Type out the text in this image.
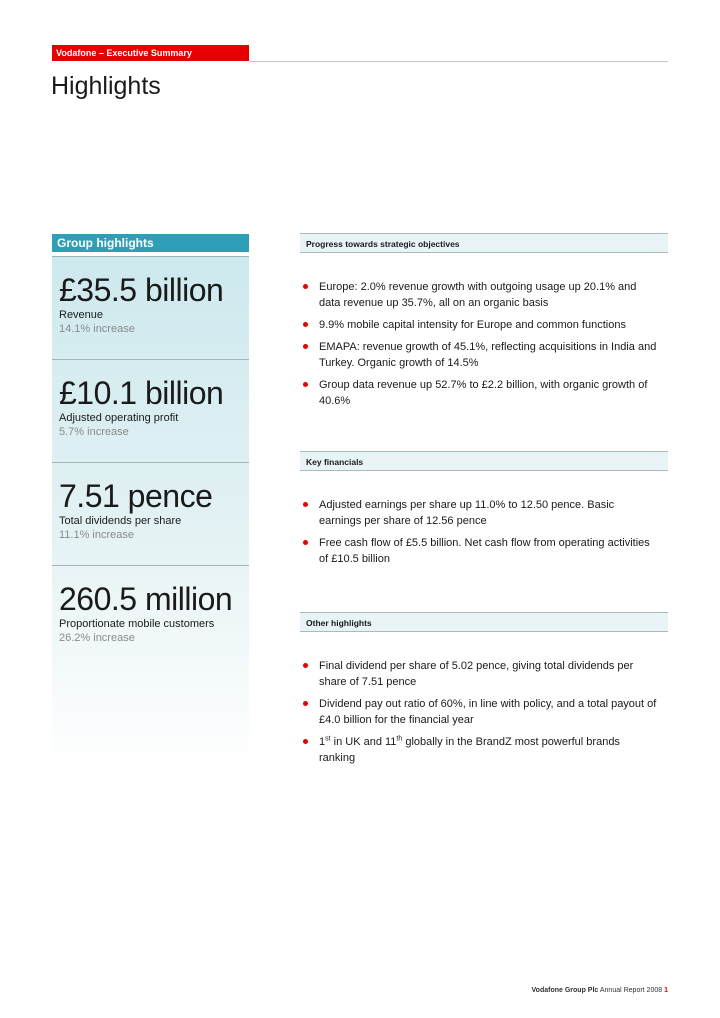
Vodafone – Executive Summary
Highlights
Group highlights
£35.5 billion
Revenue
14.1% increase
£10.1 billion
Adjusted operating profit
5.7% increase
7.51 pence
Total dividends per share
11.1% increase
260.5 million
Proportionate mobile customers
26.2% increase
Progress towards strategic objectives
Europe: 2.0% revenue growth with outgoing usage up 20.1% and data revenue up 35.7%, all on an organic basis
9.9% mobile capital intensity for Europe and common functions
EMAPA: revenue growth of 45.1%, reflecting acquisitions in India and Turkey. Organic growth of 14.5%
Group data revenue up 52.7% to £2.2 billion, with organic growth of 40.6%
Key financials
Adjusted earnings per share up 11.0% to 12.50 pence. Basic earnings per share of 12.56 pence
Free cash flow of £5.5 billion. Net cash flow from operating activities of £10.5 billion
Other highlights
Final dividend per share of 5.02 pence, giving total dividends per share of 7.51 pence
Dividend pay out ratio of 60%, in line with policy, and a total payout of £4.0 billion for the financial year
1st in UK and 11th globally in the BrandZ most powerful brands ranking
Vodafone Group Plc Annual Report 2008 1
